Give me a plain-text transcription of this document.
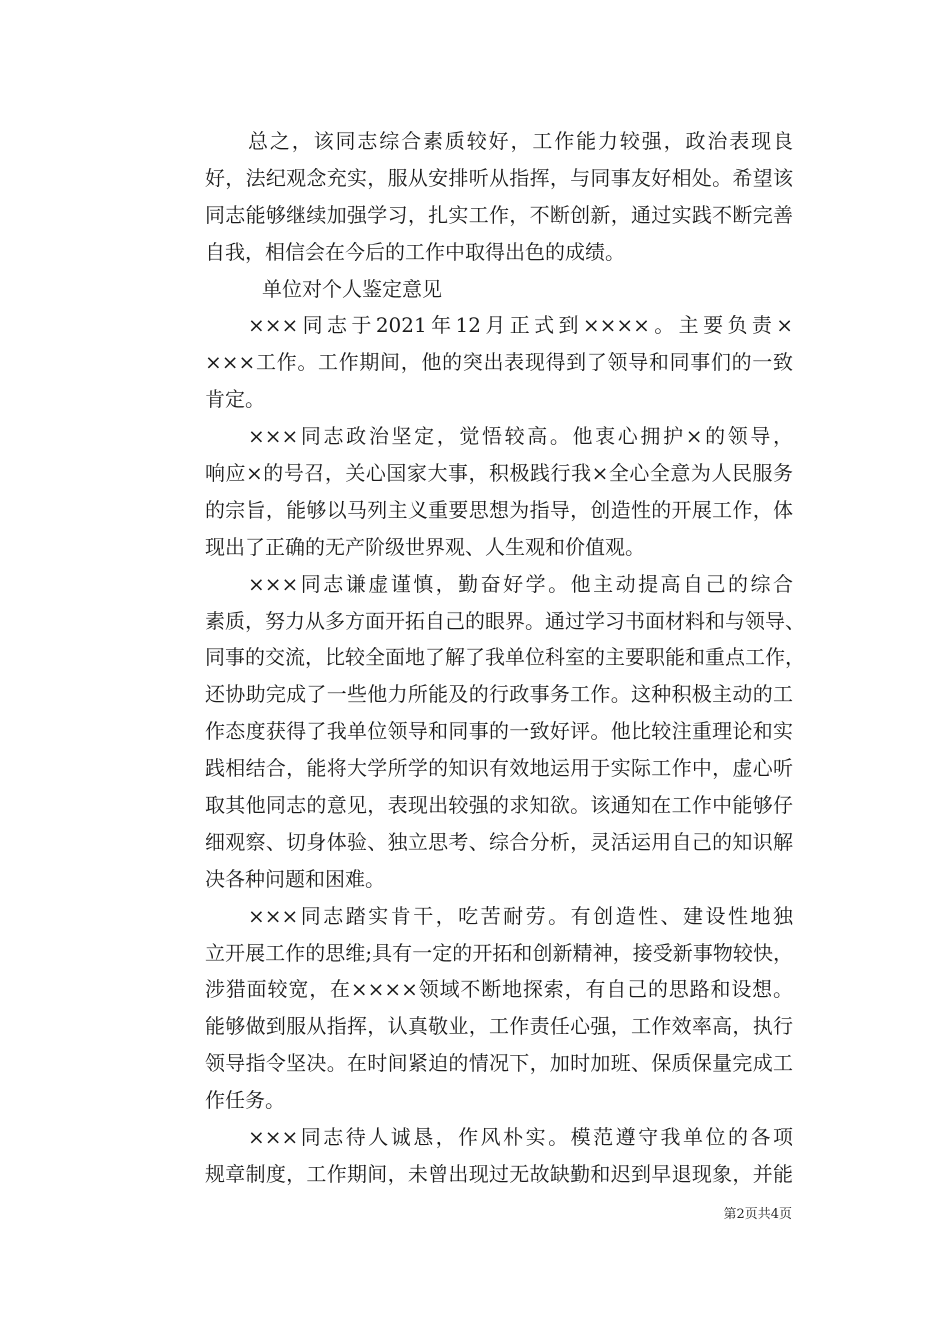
总之，该同志综合素质较好，工作能力较强，政治表现良
好，法纪观念充实，服从安排听从指挥，与同事友好相处。希望该
同志能够继续加强学习，扎实工作，不断创新，通过实践不断完善
自我，相信会在今后的工作中取得出色的成绩。
单位对个人鉴定意见
×××同志于2021年12月正式到××××。主要负责×
×××工作。工作期间，他的突出表现得到了领导和同事们的一致
肯定。
×××同志政治坚定，觉悟较高。他衷心拥护×的领导，
响应×的号召，关心国家大事，积极践行我×全心全意为人民服务
的宗旨，能够以马列主义重要思想为指导，创造性的开展工作，体
现出了正确的无产阶级世界观、人生观和价值观。
×××同志谦虚谨慎，勤奋好学。他主动提高自己的综合
素质，努力从多方面开拓自己的眼界。通过学习书面材料和与领导、
同事的交流，比较全面地了解了我单位科室的主要职能和重点工作，
还协助完成了一些他力所能及的行政事务工作。这种积极主动的工
作态度获得了我单位领导和同事的一致好评。他比较注重理论和实
践相结合，能将大学所学的知识有效地运用于实际工作中，虚心听
取其他同志的意见，表现出较强的求知欲。该通知在工作中能够仔
细观察、切身体验、独立思考、综合分析，灵活运用自己的知识解
决各种问题和困难。
×××同志踏实肯干，吃苦耐劳。有创造性、建设性地独
立开展工作的思维;具有一定的开拓和创新精神，接受新事物较快，
涉猎面较宽，在××××领域不断地探索，有自己的思路和设想。
能够做到服从指挥，认真敬业，工作责任心强，工作效率高，执行
领导指令坚决。在时间紧迫的情况下，加时加班、保质保量完成工
作任务。
×××同志待人诚恳，作风朴实。模范遵守我单位的各项
规章制度，工作期间，未曾出现过无故缺勤和迟到早退现象，并能
第2页共4页
